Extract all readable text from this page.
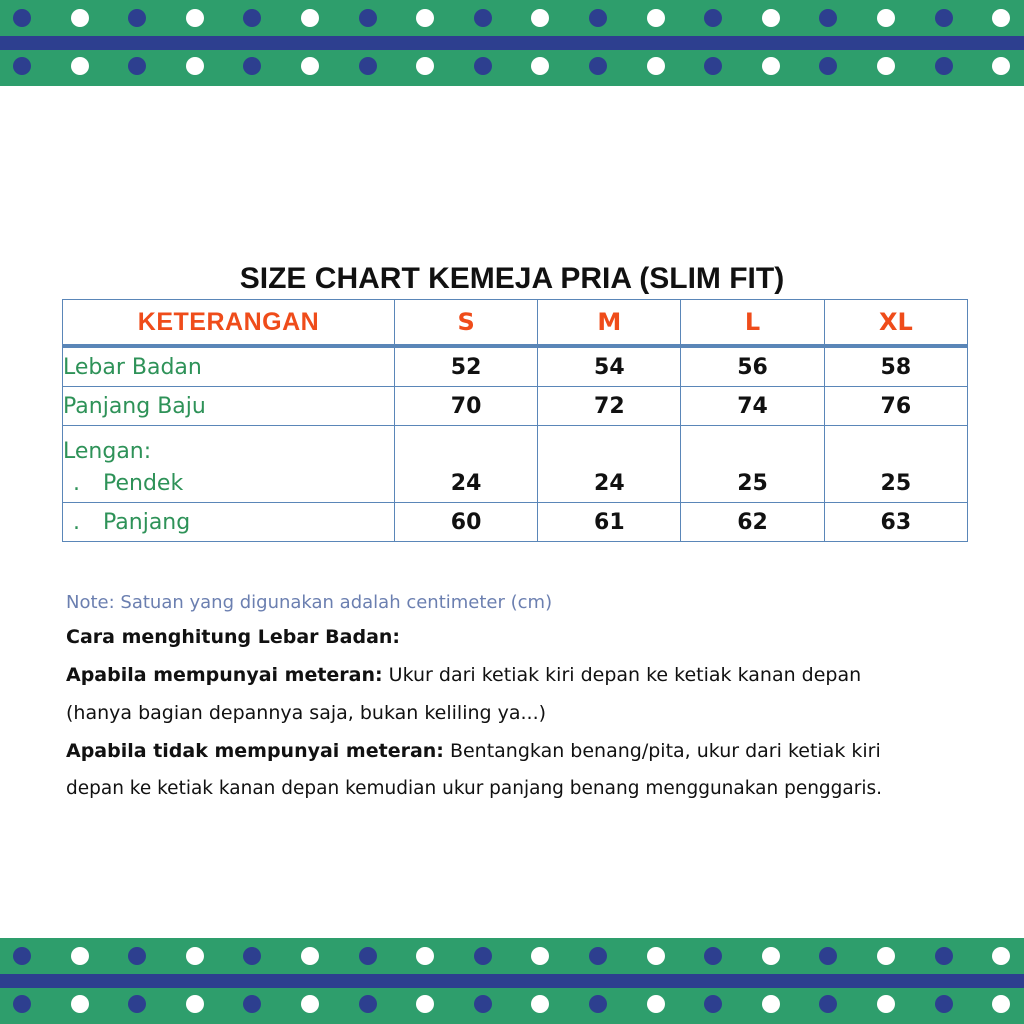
SIZE CHART KEMEJA PRIA (SLIM FIT)
KETERANGAN	S	M	L	XL
Lebar Badan	52	54	56	58
Panjang Baju	70	72	74	76
Lengan:				
. Pendek	24	24	25	25
. Panjang	60	61	62	63

Note: Satuan yang digunakan adalah centimeter (cm)

Cara menghitung Lebar Badan:

Apabila mempunyai meteran: Ukur dari ketiak kiri depan ke ketiak kanan depan

(hanya bagian depannya saja, bukan keliling ya...)

Apabila tidak mempunyai meteran: Bentangkan benang/pita, ukur dari ketiak kiri

depan ke ketiak kanan depan kemudian ukur panjang benang menggunakan penggaris.
